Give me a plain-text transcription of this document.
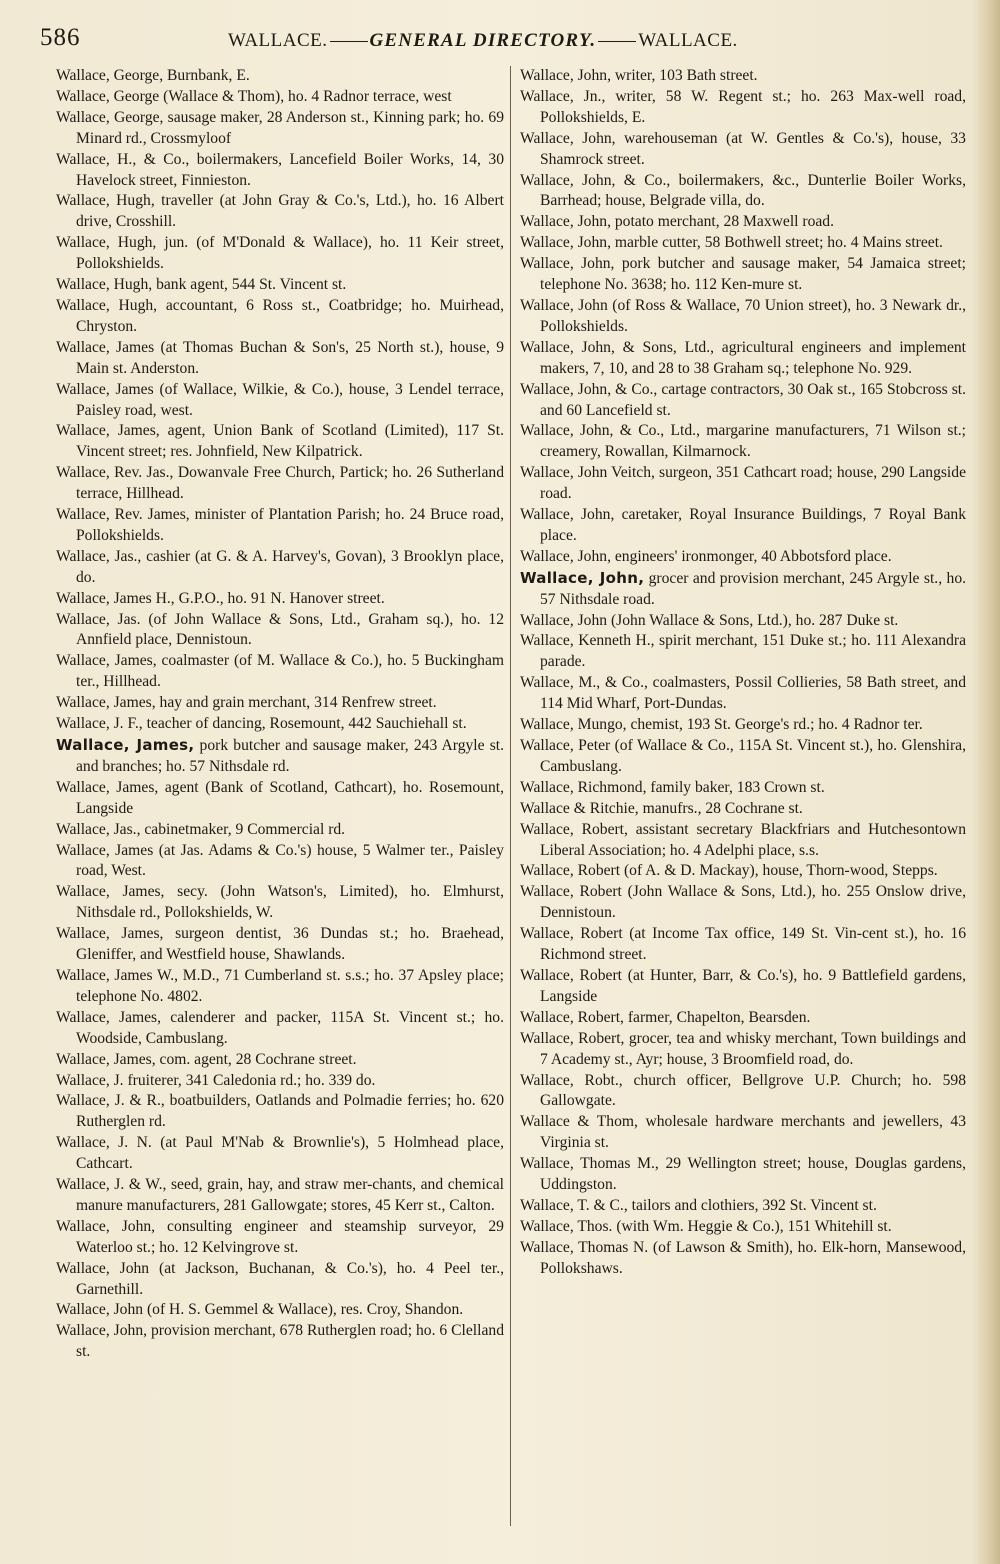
586	WALLACE. GENERAL DIRECTORY. WALLACE.
Wallace, George, Burnbank, E.
Wallace, George (Wallace & Thom), ho. 4 Radnor terrace, west
Wallace, George, sausage maker, 28 Anderson st., Kinning park; ho. 69 Minard rd., Crossmyloof
Wallace, H., & Co., boilermakers, Lancefield Boiler Works, 14, 30 Havelock street, Finnieston.
Wallace, Hugh, traveller (at John Gray & Co.'s, Ltd.), ho. 16 Albert drive, Crosshill.
Wallace, Hugh, jun. (of M'Donald & Wallace), ho. 11 Keir street, Pollokshields.
Wallace, Hugh, bank agent, 544 St. Vincent st.
Wallace, Hugh, accountant, 6 Ross st., Coatbridge; ho. Muirhead, Chryston.
Wallace, James (at Thomas Buchan & Son's, 25 North st.), house, 9 Main st. Anderston.
Wallace, James (of Wallace, Wilkie, & Co.), house, 3 Lendel terrace, Paisley road, west.
Wallace, James, agent, Union Bank of Scotland (Limited), 117 St. Vincent street; res. Johnfield, New Kilpatrick.
Wallace, Rev. Jas., Dowanvale Free Church, Partick; ho. 26 Sutherland terrace, Hillhead.
Wallace, Rev. James, minister of Plantation Parish; ho. 24 Bruce road, Pollokshields.
Wallace, Jas., cashier (at G. & A. Harvey's, Govan), 3 Brooklyn place, do.
Wallace, James H., G.P.O., ho. 91 N. Hanover street.
Wallace, Jas. (of John Wallace & Sons, Ltd., Graham sq.), ho. 12 Annfield place, Dennistoun.
Wallace, James, coalmaster (of M. Wallace & Co.), ho. 5 Buckingham ter., Hillhead.
Wallace, James, hay and grain merchant, 314 Renfrew street.
Wallace, J. F., teacher of dancing, Rosemount, 442 Sauchiehall st.
Wallace, James, pork butcher and sausage maker, 243 Argyle st. and branches; ho. 57 Nithsdale rd.
Wallace, James, agent (Bank of Scotland, Cathcart), ho. Rosemount, Langside
Wallace, Jas., cabinetmaker, 9 Commercial rd.
Wallace, James (at Jas. Adams & Co.'s) house, 5 Walmer ter., Paisley road, West.
Wallace, James, secy. (John Watson's, Limited), ho. Elmhurst, Nithsdale rd., Pollokshields, W.
Wallace, James, surgeon dentist, 36 Dundas st.; ho. Braehead, Gleniffer, and Westfield house, Shawlands.
Wallace, James W., M.D., 71 Cumberland st. s.s.; ho. 37 Apsley place; telephone No. 4802.
Wallace, James, calenderer and packer, 115A St. Vincent st.; ho. Woodside, Cambuslang.
Wallace, James, com. agent, 28 Cochrane street.
Wallace, J. fruiterer, 341 Caledonia rd.; ho. 339 do.
Wallace, J. & R., boatbuilders, Oatlands and Polmadie ferries; ho. 620 Rutherglen rd.
Wallace, J. N. (at Paul M'Nab & Brownlie's), 5 Holmhead place, Cathcart.
Wallace, J. & W., seed, grain, hay, and straw mer-chants, and chemical manure manufacturers, 281 Gallowgate; stores, 45 Kerr st., Calton.
Wallace, John, consulting engineer and steamship surveyor, 29 Waterloo st.; ho. 12 Kelvingrove st.
Wallace, John (at Jackson, Buchanan, & Co.'s), ho. 4 Peel ter., Garnethill.
Wallace, John (of H. S. Gemmel & Wallace), res. Croy, Shandon.
Wallace, John, provision merchant, 678 Rutherglen road; ho. 6 Clelland st.
Wallace, John, writer, 103 Bath street.
Wallace, Jn., writer, 58 W. Regent st.; ho. 263 Max-well road, Pollokshields, E.
Wallace, John, warehouseman (at W. Gentles & Co.'s), house, 33 Shamrock street.
Wallace, John, & Co., boilermakers, &c., Dunterlie Boiler Works, Barrhead; house, Belgrade villa, do.
Wallace, John, potato merchant, 28 Maxwell road.
Wallace, John, marble cutter, 58 Bothwell street; ho. 4 Mains street.
Wallace, John, pork butcher and sausage maker, 54 Jamaica street; telephone No. 3638; ho. 112 Ken-mure st.
Wallace, John (of Ross & Wallace, 70 Union street), ho. 3 Newark dr., Pollokshields.
Wallace, John, & Sons, Ltd., agricultural engineers and implement makers, 7, 10, and 28 to 38 Graham sq.; telephone No. 929.
Wallace, John, & Co., cartage contractors, 30 Oak st., 165 Stobcross st. and 60 Lancefield st.
Wallace, John, & Co., Ltd., margarine manufacturers, 71 Wilson st.; creamery, Rowallan, Kilmarnock.
Wallace, John Veitch, surgeon, 351 Cathcart road; house, 290 Langside road.
Wallace, John, caretaker, Royal Insurance Buildings, 7 Royal Bank place.
Wallace, John, engineers' ironmonger, 40 Abbotsford place.
Wallace, John, grocer and provision merchant, 245 Argyle st., ho. 57 Nithsdale road.
Wallace, John (John Wallace & Sons, Ltd.), ho. 287 Duke st.
Wallace, Kenneth H., spirit merchant, 151 Duke st.; ho. 111 Alexandra parade.
Wallace, M., & Co., coalmasters, Possil Collieries, 58 Bath street, and 114 Mid Wharf, Port-Dundas.
Wallace, Mungo, chemist, 193 St. George's rd.; ho. 4 Radnor ter.
Wallace, Peter (of Wallace & Co., 115A St. Vincent st.), ho. Glenshira, Cambuslang.
Wallace, Richmond, family baker, 183 Crown st.
Wallace & Ritchie, manufrs., 28 Cochrane st.
Wallace, Robert, assistant secretary Blackfriars and Hutchesontown Liberal Association; ho. 4 Adelphi place, s.s.
Wallace, Robert (of A. & D. Mackay), house, Thorn-wood, Stepps.
Wallace, Robert (John Wallace & Sons, Ltd.), ho. 255 Onslow drive, Dennistoun.
Wallace, Robert (at Income Tax office, 149 St. Vin-cent st.), ho. 16 Richmond street.
Wallace, Robert (at Hunter, Barr, & Co.'s), ho. 9 Battlefield gardens, Langside
Wallace, Robert, farmer, Chapelton, Bearsden.
Wallace, Robert, grocer, tea and whisky merchant, Town buildings and 7 Academy st., Ayr; house, 3 Broomfield road, do.
Wallace, Robt., church officer, Bellgrove U.P. Church; ho. 598 Gallowgate.
Wallace & Thom, wholesale hardware merchants and jewellers, 43 Virginia st.
Wallace, Thomas M., 29 Wellington street; house, Douglas gardens, Uddingston.
Wallace, T. & C., tailors and clothiers, 392 St. Vincent st.
Wallace, Thos. (with Wm. Heggie & Co.), 151 Whitehill st.
Wallace, Thomas N. (of Lawson & Smith), ho. Elk-horn, Mansewood, Pollokshaws.
